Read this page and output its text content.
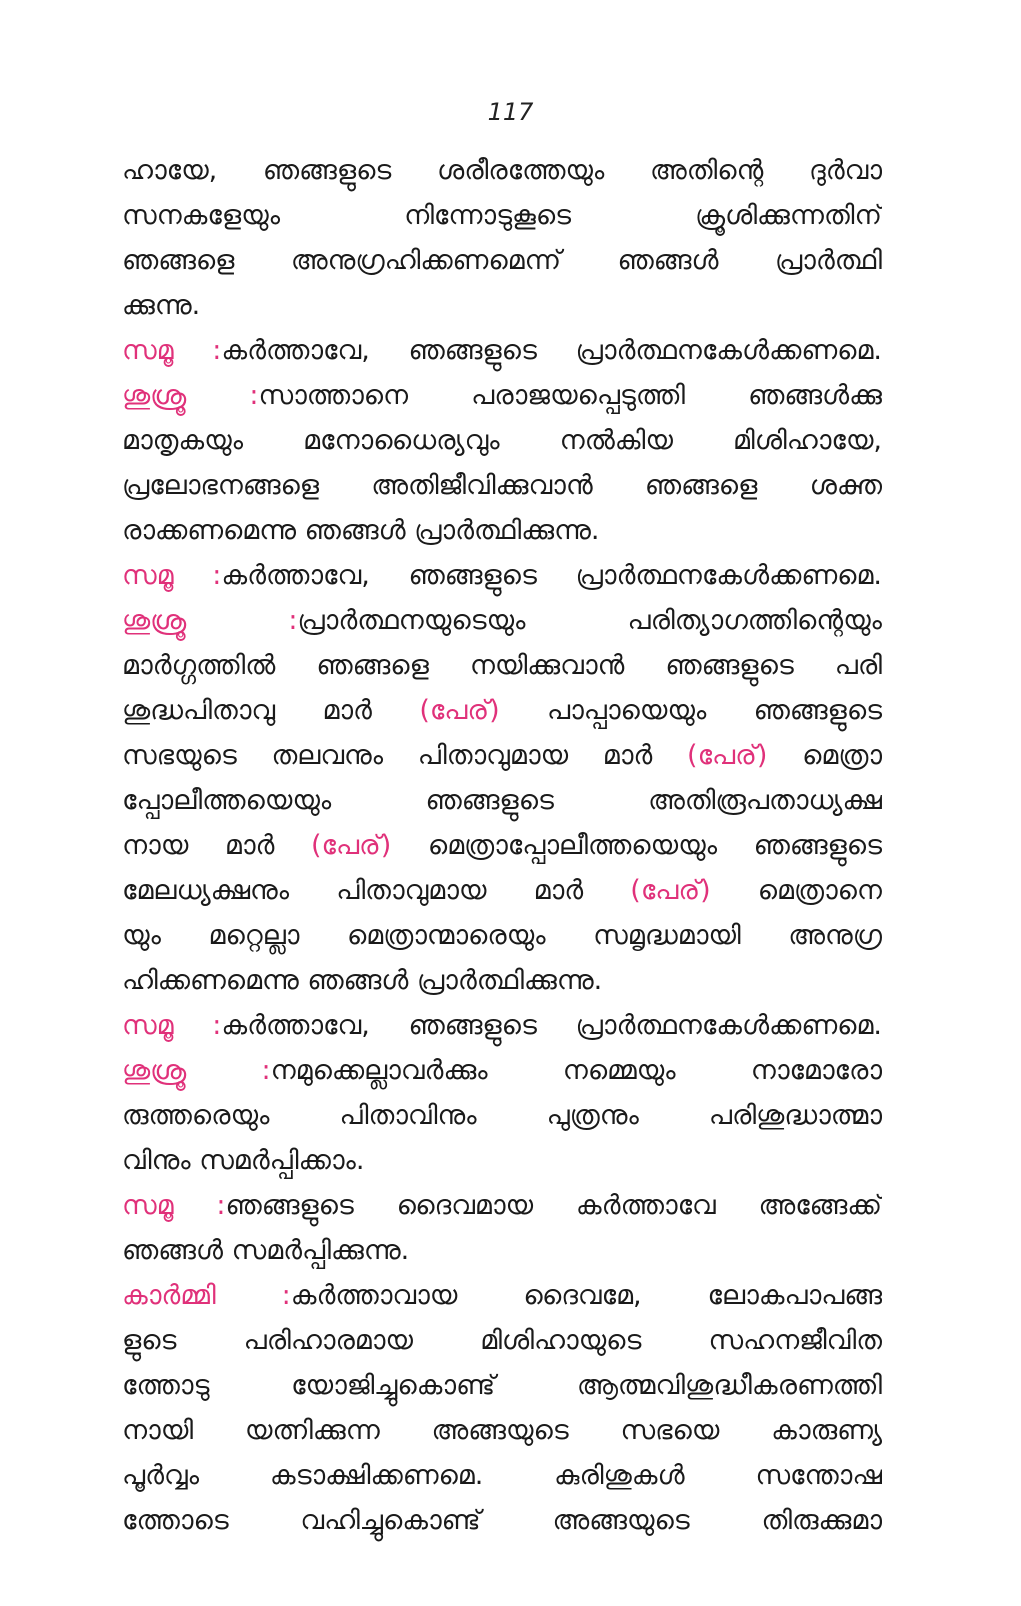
117
ഹായേ, ഞങ്ങളുടെ ശരീരത്തേയും അതിന്റെ ദുർവാ
സനകളേയും നിന്നോടുകൂടെ ക്രൂശിക്കുന്നതിന്
ഞങ്ങളെ അനുഗ്രഹിക്കണമെന്ന് ഞങ്ങൾ പ്രാർത്ഥി
ക്കുന്നു.
സമൂ :കർത്താവേ, ഞങ്ങളുടെ പ്രാർത്ഥനകേൾക്കണമെ.
ശുശ്രൂ :സാത്താനെ പരാജയപ്പെടുത്തി ഞങ്ങൾക്കു
മാതൃകയും മനോധൈര്യവും നൽകിയ മിശിഹായേ,
പ്രലോഭനങ്ങളെ അതിജീവിക്കുവാൻ ഞങ്ങളെ ശക്ത
രാക്കണമെന്നു ഞങ്ങൾ പ്രാർത്ഥിക്കുന്നു.
സമൂ :കർത്താവേ, ഞങ്ങളുടെ പ്രാർത്ഥനകേൾക്കണമെ.
ശുശ്രൂ :പ്രാർത്ഥനയുടെയും പരിത്യാഗത്തിന്റെയും
മാർഗ്ഗത്തിൽ ഞങ്ങളെ നയിക്കുവാൻ ഞങ്ങളുടെ പരി
ശുദ്ധപിതാവു മാർ (പേര്) പാപ്പായെയും ഞങ്ങളുടെ
സഭയുടെ തലവനും പിതാവുമായ മാർ (പേര്) മെത്രാ
പ്പോലീത്തയെയും ഞങ്ങളുടെ അതിരൂപതാധ്യക്ഷ
നായ മാർ (പേര്) മെത്രാപ്പോലീത്തയെയും ഞങ്ങളുടെ
മേലധ്യക്ഷനും പിതാവുമായ മാർ (പേര്) മെത്രാനെ
യും മറ്റെല്ലാ മെത്രാന്മാരെയും സമൃദ്ധമായി അനുഗ്ര
ഹിക്കണമെന്നു ഞങ്ങൾ പ്രാർത്ഥിക്കുന്നു.
സമൂ :കർത്താവേ, ഞങ്ങളുടെ പ്രാർത്ഥനകേൾക്കണമെ.
ശുശ്രൂ :നമുക്കെല്ലാവർക്കും നമ്മെയും നാമോരോ
രുത്തരെയും പിതാവിനും പുത്രനും പരിശുദ്ധാത്മാ
വിനും സമർപ്പിക്കാം.
സമൂ :ഞങ്ങളുടെ ദൈവമായ കർത്താവേ അങ്ങേക്ക്
ഞങ്ങൾ സമർപ്പിക്കുന്നു.
കാർമ്മി :കർത്താവായ ദൈവമേ, ലോകപാപങ്ങ
ളുടെ പരിഹാരമായ മിശിഹായുടെ സഹനജീവിത
ത്തോടു യോജിച്ചുകൊണ്ട് ആത്മവിശുദ്ധീകരണത്തി
നായി യത്നിക്കുന്ന അങ്ങയുടെ സഭയെ കാരുണ്യ
പൂർവ്വം കടാക്ഷിക്കണമെ. കുരിശുകൾ സന്തോഷ
ത്തോടെ വഹിച്ചുകൊണ്ട് അങ്ങയുടെ തിരുക്കുമാ
